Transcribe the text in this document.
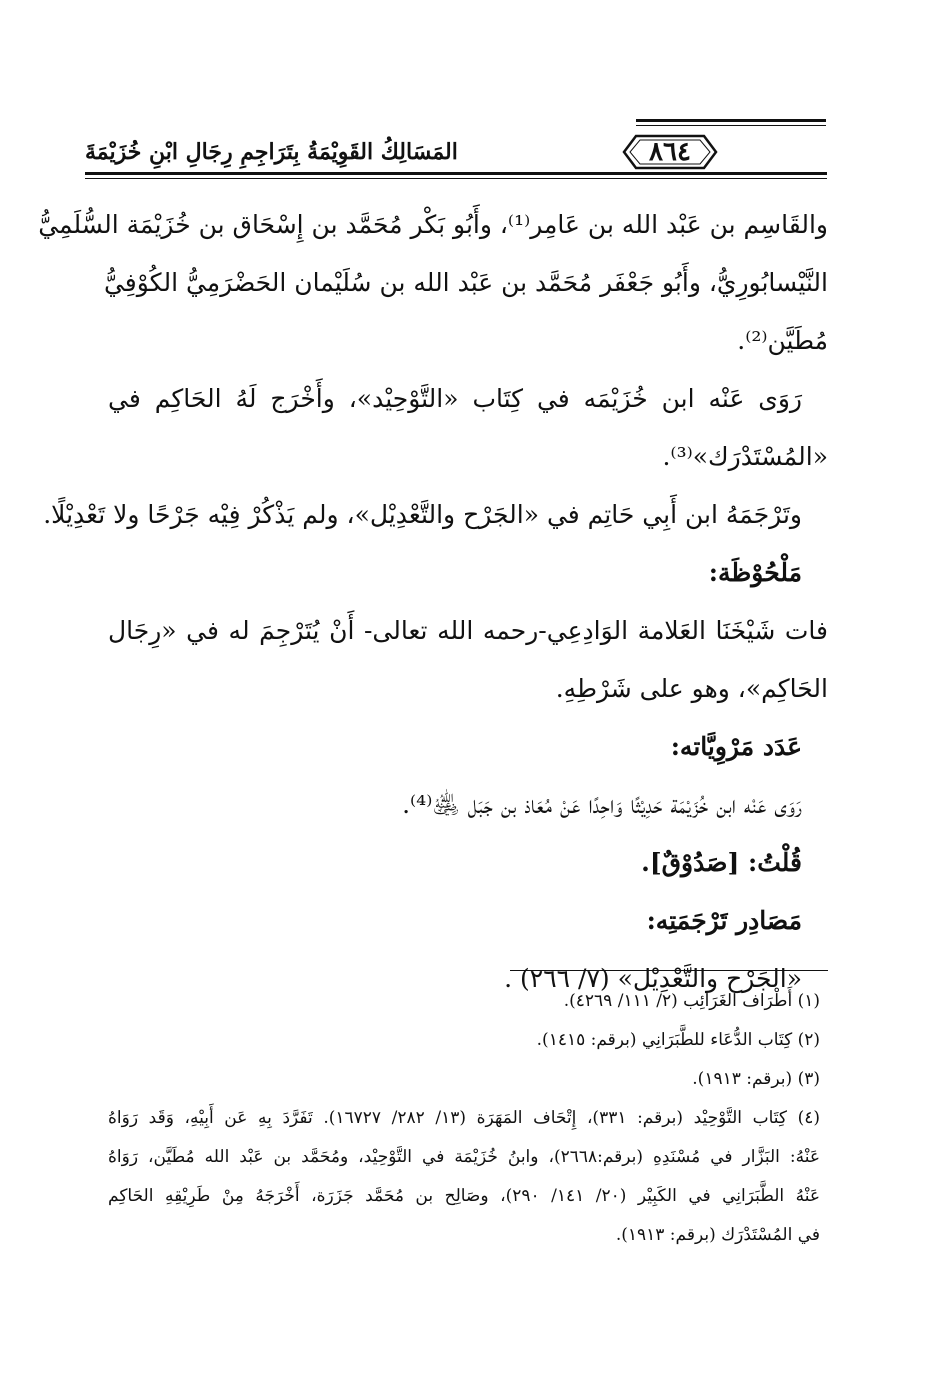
٨٦٤
المَسَالِكُ القَوِيْمَةُ بِتَرَاجِمِ رِجَالِ ابْنِ خُزَيْمَةَ
والقَاسِم بن عَبْد الله بن عَامِر⁽¹⁾، وأَبُو بَكْر مُحَمَّد بن إِسْحَاق بن خُزَيْمَة السُّلَمِيُّ
النَّيْسابُورِيُّ، وأَبُو جَعْفَر مُحَمَّد بن عَبْد الله بن سُلَيْمان الحَضْرَمِيُّ الكُوْفِيُّ
مُطَيَّن⁽²⁾.
رَوَى عَنْه ابن خُزَيْمَه في كِتَاب «التَّوْحِيْد»، وأَخْرَج لَهُ الحَاكِم في
«المُسْتَدْرَك»⁽³⁾.
وتَرْجَمَهُ ابن أَبِي حَاتِم في «الجَرْح والتَّعْدِيْل»، ولم يَذْكُرْ فِيْه جَرْحًا ولا تَعْدِيْلًا.
مَلْحُوْظَة:
فات شَيْخَنَا العَلامة الوَادِعِي-رحمه الله تعالى- أَنْ يُتَرْجِمَ له في «رِجَال
الحَاكِم»، وهو على شَرْطِهِ.
عَدَد مَرْوِيَّاته:
رَوَى عَنْه ابن خُزَيْمَة حَدِيْثًا وَاحِدًا عَنْ مُعَاذ بن جَبَل ﵁⁽⁴⁾.
قُلْتُ: [صَدُوْقٌ].
مَصَادِر تَرْجَمَتِه:
«الجَرْح والتَّعْدِيْل» (٧/ ٢٦٦) .
(١) أَطْرَاف الغَرَائِب (٢/ ١١١/ ٤٢٦٩).
(٢) كِتَاب الدُّعَاء للطَّبَرَانِي (برقم: ١٤١٥).
(٣) (برقم: ١٩١٣).
(٤) كِتَاب التَّوْحِيْد (برقم: ٣٣١)، إِتْحَاف المَهَرَة (١٣/ ٢٨٢/ ١٦٧٢٧). تَفَرَّدَ بِهِ عَن أَبِيْهِ، وَقَد رَوَاهُ
عَنْهُ: البَزَّار في مُسْنَدِهِ (برقم:٢٦٦٨)، وابنُ خُزَيْمَة في التَّوْحِيْد، ومُحَمَّد بن عَبْد الله مُطَيَّن، رَوَاهُ
عَنْهُ الطَّبَرَانِي في الكَبِيْر (٢٠/ ١٤١/ ٢٩٠)، وصَالِح بن مُحَمَّد جَزَرَة، أَخْرَجَهُ مِنْ طَرِيْقِهِ الحَاكِم
في المُسْتَدْرَك (برقم: ١٩١٣).
